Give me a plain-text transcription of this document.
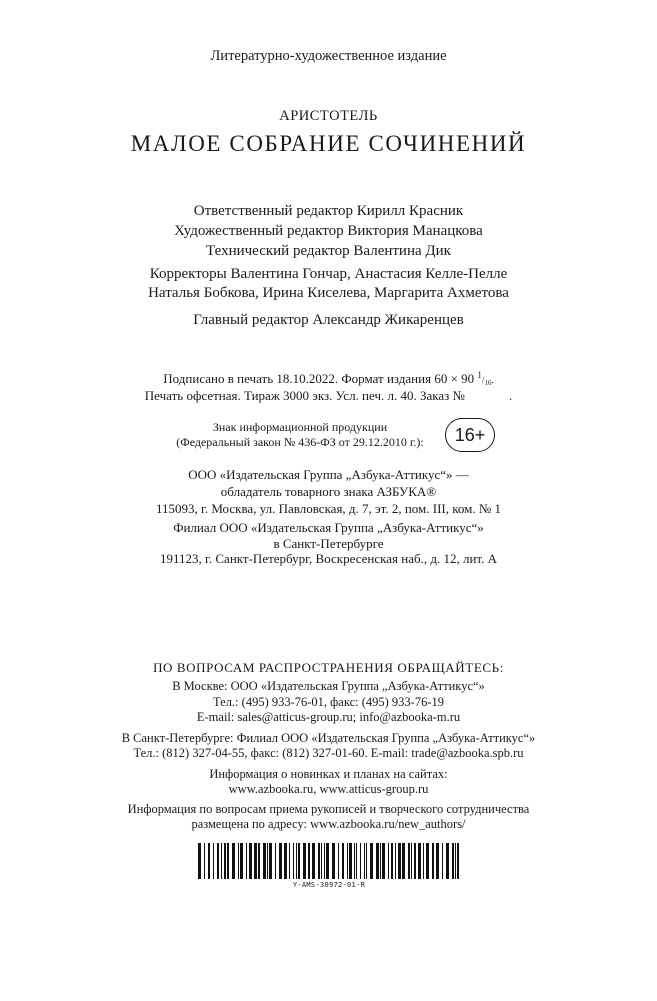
Литературно-художественное издание
АРИСТОТЕЛЬ
МАЛОЕ СОБРАНИЕ СОЧИНЕНИЙ
Ответственный редактор Кирилл Красник
Художественный редактор Виктория Манацкова
Технический редактор Валентина Дик
Корректоры Валентина Гончар, Анастасия Келле-Пелле
Наталья Бобкова, Ирина Киселева, Маргарита Ахметова
Главный редактор Александр Жикаренцев
Подписано в печать 18.10.2022. Формат издания 60 × 90 $^1/_{16}$.
Печать офсетная. Тираж 3000 экз. Усл. печ. л. 40. Заказ №	.
Знак информационной продукции
(Федеральный закон № 436-ФЗ от 29.12.2010 г.):	16+
ООО «Издательская Группа „Азбука-Аттикус“» —
обладатель товарного знака АЗБУКА®
115093, г. Москва, ул. Павловская, д. 7, эт. 2, пом. III, ком. № 1
Филиал ООО «Издательская Группа „Азбука-Аттикус“»
в Санкт-Петербурге
191123, г. Санкт-Петербург, Воскресенская наб., д. 12, лит. А
ПО ВОПРОСАМ РАСПРОСТРАНЕНИЯ ОБРАЩАЙТЕСЬ:
В Москве: ООО «Издательская Группа „Азбука-Аттикус“»
Тел.: (495) 933-76-01, факс: (495) 933-76-19
E-mail: sales@atticus-group.ru; info@azbooka-m.ru
В Санкт-Петербурге: Филиал ООО «Издательская Группа „Азбука-Аттикус“»
Тел.: (812) 327-04-55, факс: (812) 327-01-60. E-mail: trade@azbooka.spb.ru
Информация о новинках и планах на сайтах:
www.azbooka.ru, www.atticus-group.ru
Информация по вопросам приема рукописей и творческого сотрудничества
размещена по адресу: www.azbooka.ru/new_authors/
Y-AMS-30972-01-R
